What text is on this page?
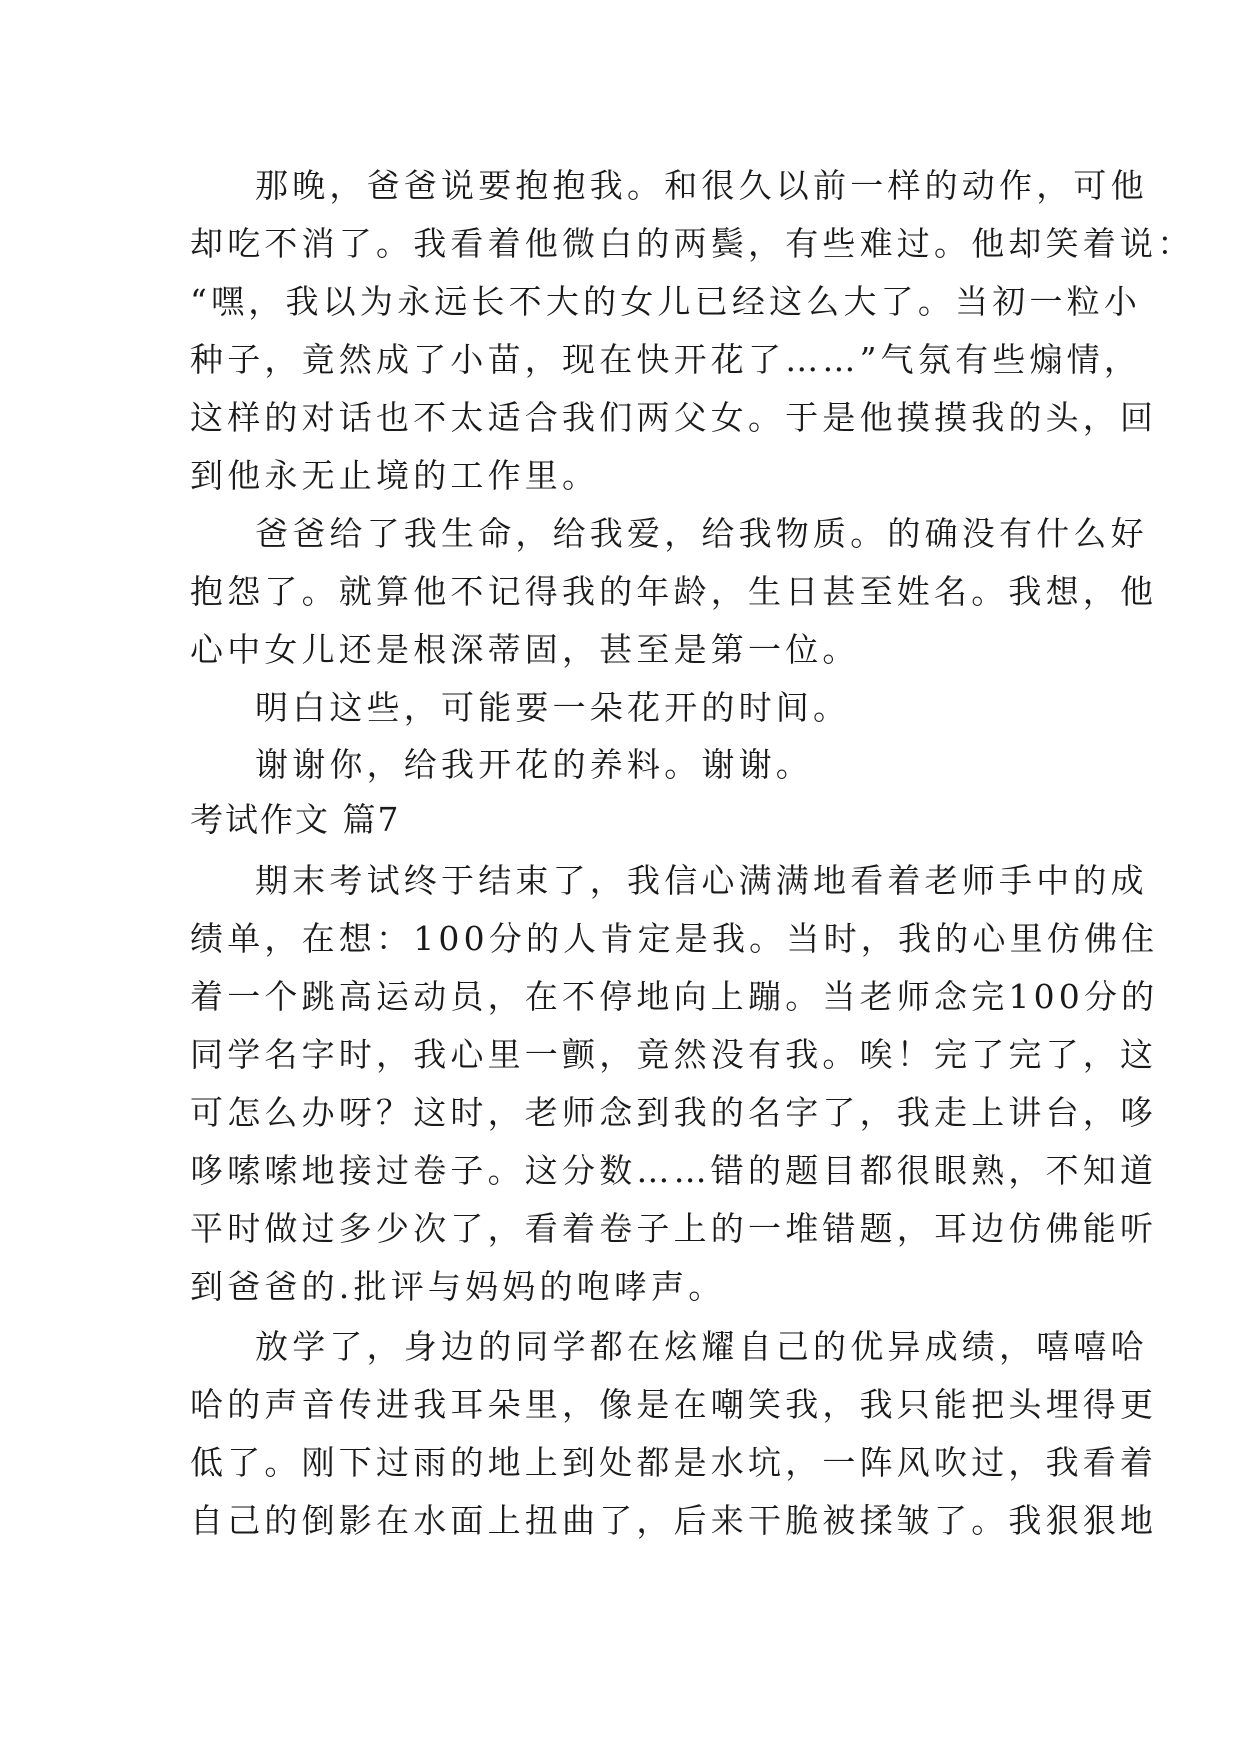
那晚，爸爸说要抱抱我。和很久以前一样的动作，可他
却吃不消了。我看着他微白的两鬓，有些难过。他却笑着说：
“嘿，我以为永远长不大的女儿已经这么大了。当初一粒小
种子，竟然成了小苗，现在快开花了……”气氛有些煽情，
这样的对话也不太适合我们两父女。于是他摸摸我的头，回
到他永无止境的工作里。
爸爸给了我生命，给我爱，给我物质。的确没有什么好
抱怨了。就算他不记得我的年龄，生日甚至姓名。我想，他
心中女儿还是根深蒂固，甚至是第一位。
明白这些，可能要一朵花开的时间。
谢谢你，给我开花的养料。谢谢。
考试作文 篇7
期末考试终于结束了，我信心满满地看着老师手中的成
绩单，在想：100分的人肯定是我。当时，我的心里仿佛住
着一个跳高运动员，在不停地向上蹦。当老师念完100分的
同学名字时，我心里一颤，竟然没有我。唉！完了完了，这
可怎么办呀？这时，老师念到我的名字了，我走上讲台，哆
哆嗦嗦地接过卷子。这分数……错的题目都很眼熟，不知道
平时做过多少次了，看着卷子上的一堆错题，耳边仿佛能听
到爸爸的.批评与妈妈的咆哮声。
放学了，身边的同学都在炫耀自己的优异成绩，嘻嘻哈
哈的声音传进我耳朵里，像是在嘲笑我，我只能把头埋得更
低了。刚下过雨的地上到处都是水坑，一阵风吹过，我看着
自己的倒影在水面上扭曲了，后来干脆被揉皱了。我狠狠地
